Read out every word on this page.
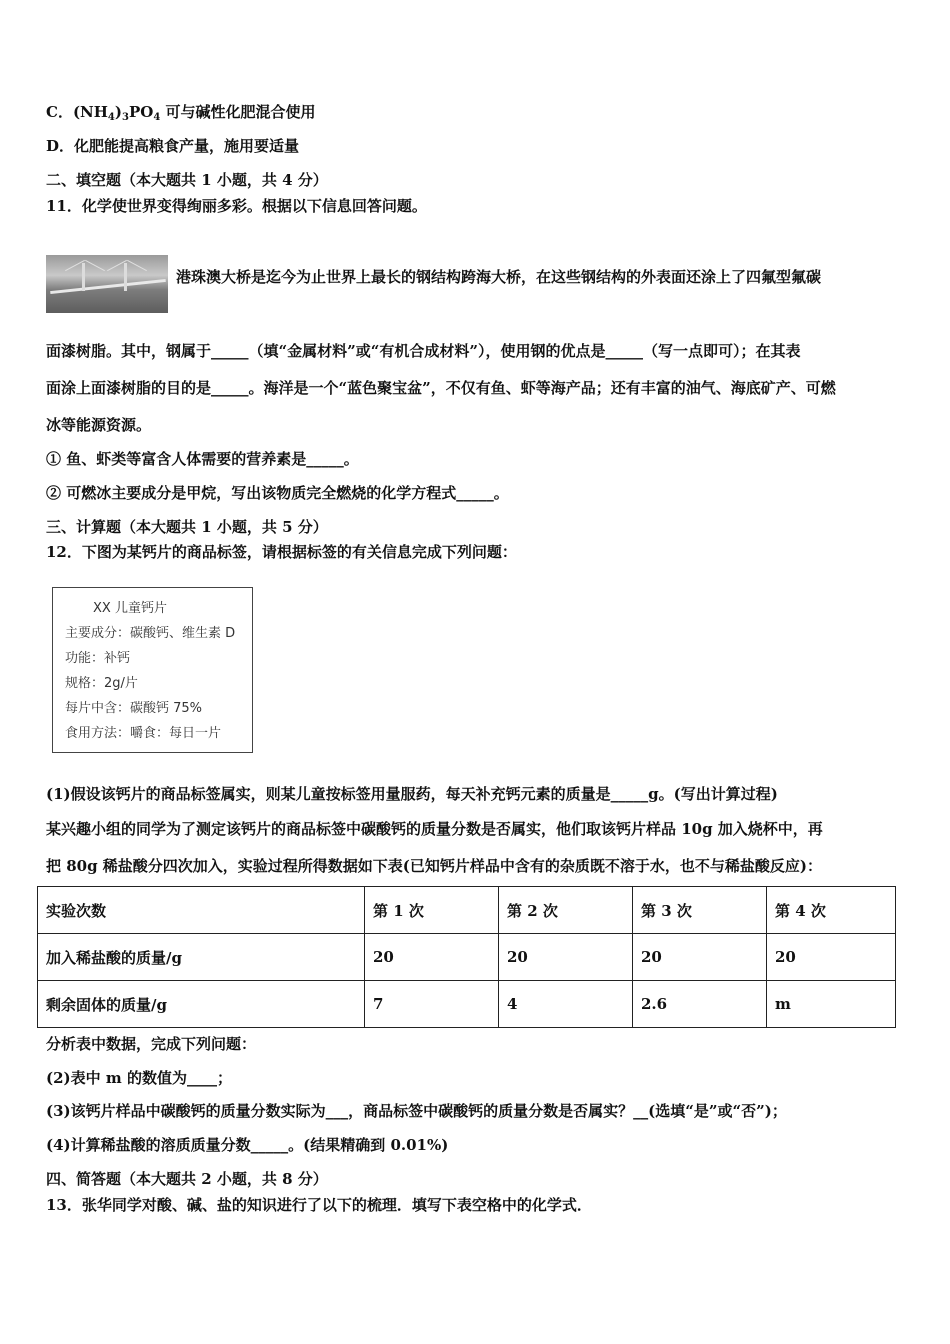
C．$(NH_4)_3PO_4$ 可与碱性化肥混合使用
D．化肥能提高粮食产量，施用要适量
二、填空题（本大题共 1 小题，共 4 分）
11．化学使世界变得绚丽多彩。根据以下信息回答问题。
港珠澳大桥是迄今为止世界上最长的钢结构跨海大桥，在这些钢结构的外表面还涂上了四氟型氟碳
面漆树脂。其中，钢属于_____（填“金属材料”或“有机合成材料”），使用钢的优点是_____（写一点即可）；在其表
面涂上面漆树脂的目的是_____。海洋是一个“蓝色聚宝盆”，不仅有鱼、虾等海产品；还有丰富的油气、海底矿产、可燃
冰等能源资源。
① 鱼、虾类等富含人体需要的营养素是_____。
② 可燃冰主要成分是甲烷，写出该物质完全燃烧的化学方程式_____。
三、计算题（本大题共 1 小题，共 5 分）
12．下图为某钙片的商品标签，请根据标签的有关信息完成下列问题：
XX 儿童钙片
主要成分：碳酸钙、维生素 D
功能：补钙
规格：2g/片
每片中含：碳酸钙 75%
食用方法：嚼食：每日一片
(1)假设该钙片的商品标签属实，则某儿童按标签用量服药，每天补充钙元素的质量是_____g。(写出计算过程)
某兴趣小组的同学为了测定该钙片的商品标签中碳酸钙的质量分数是否属实，他们取该钙片样品 10g 加入烧杯中，再
把 80g 稀盐酸分四次加入，实验过程所得数据如下表(已知钙片样品中含有的杂质既不溶于水，也不与稀盐酸反应)：
实验次数	第 1 次	第 2 次	第 3 次	第 4 次
加入稀盐酸的质量/g	20	20	20	20
剩余固体的质量/g	7	4	2.6	m
分析表中数据，完成下列问题：
(2)表中 m 的数值为____；
(3)该钙片样品中碳酸钙的质量分数实际为___，商品标签中碳酸钙的质量分数是否属实？__(选填“是”或“否”)；
(4)计算稀盐酸的溶质质量分数_____。(结果精确到 0.01%)
四、简答题（本大题共 2 小题，共 8 分）
13．张华同学对酸、碱、盐的知识进行了以下的梳理．填写下表空格中的化学式．
